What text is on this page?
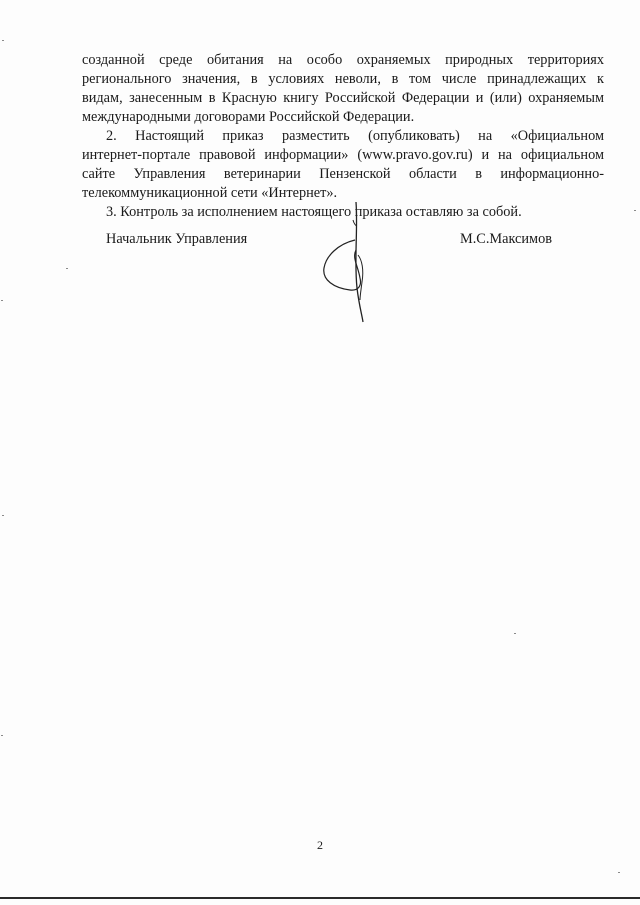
созданной среде обитания на особо охраняемых природных территориях
регионального значения, в условиях неволи, в том числе принадлежащих к
видам, занесенным в Красную книгу Российской Федерации и (или) охраняемым
международными договорами Российской Федерации.
2. Настоящий приказ разместить (опубликовать) на «Официальном
интернет-портале правовой информации» (www.pravo.gov.ru) и на официальном
сайте Управления ветеринарии Пензенской области в информационно-
телекоммуникационной сети «Интернет».
3. Контроль за исполнением настоящего приказа оставляю за собой.
Начальник Управления	М.С.Максимов
2
